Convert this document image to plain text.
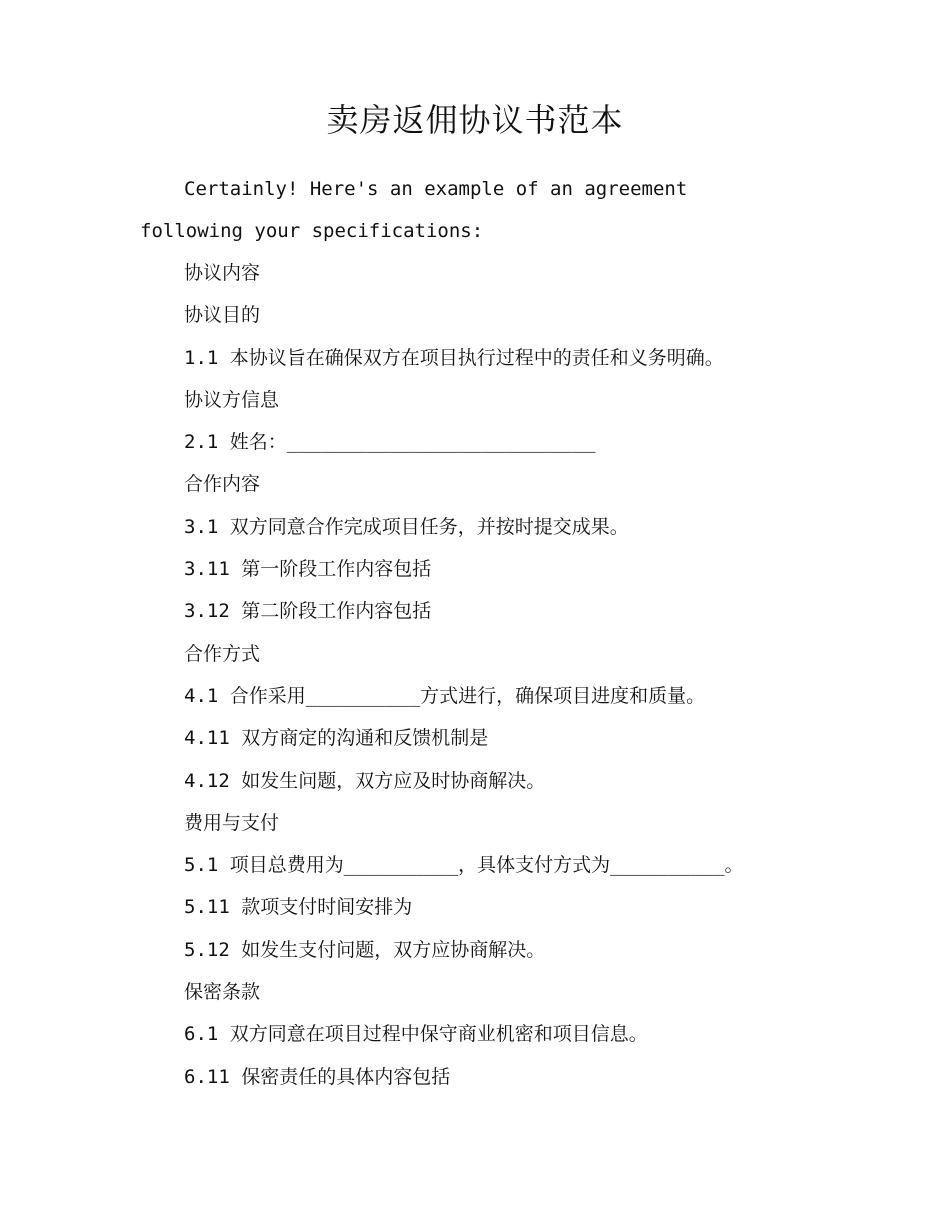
卖房返佣协议书范本
Certainly! Here's an example of an agreement following your specifications:
协议内容
协议目的
1.1 本协议旨在确保双方在项目执行过程中的责任和义务明确。
协议方信息
2.1 姓名：___________________________
合作内容
3.1 双方同意合作完成项目任务，并按时提交成果。
3.11 第一阶段工作内容包括
3.12 第二阶段工作内容包括
合作方式
4.1 合作采用__________方式进行，确保项目进度和质量。
4.11 双方商定的沟通和反馈机制是
4.12 如发生问题，双方应及时协商解决。
费用与支付
5.1 项目总费用为__________，具体支付方式为__________。
5.11 款项支付时间安排为
5.12 如发生支付问题，双方应协商解决。
保密条款
6.1 双方同意在项目过程中保守商业机密和项目信息。
6.11 保密责任的具体内容包括
